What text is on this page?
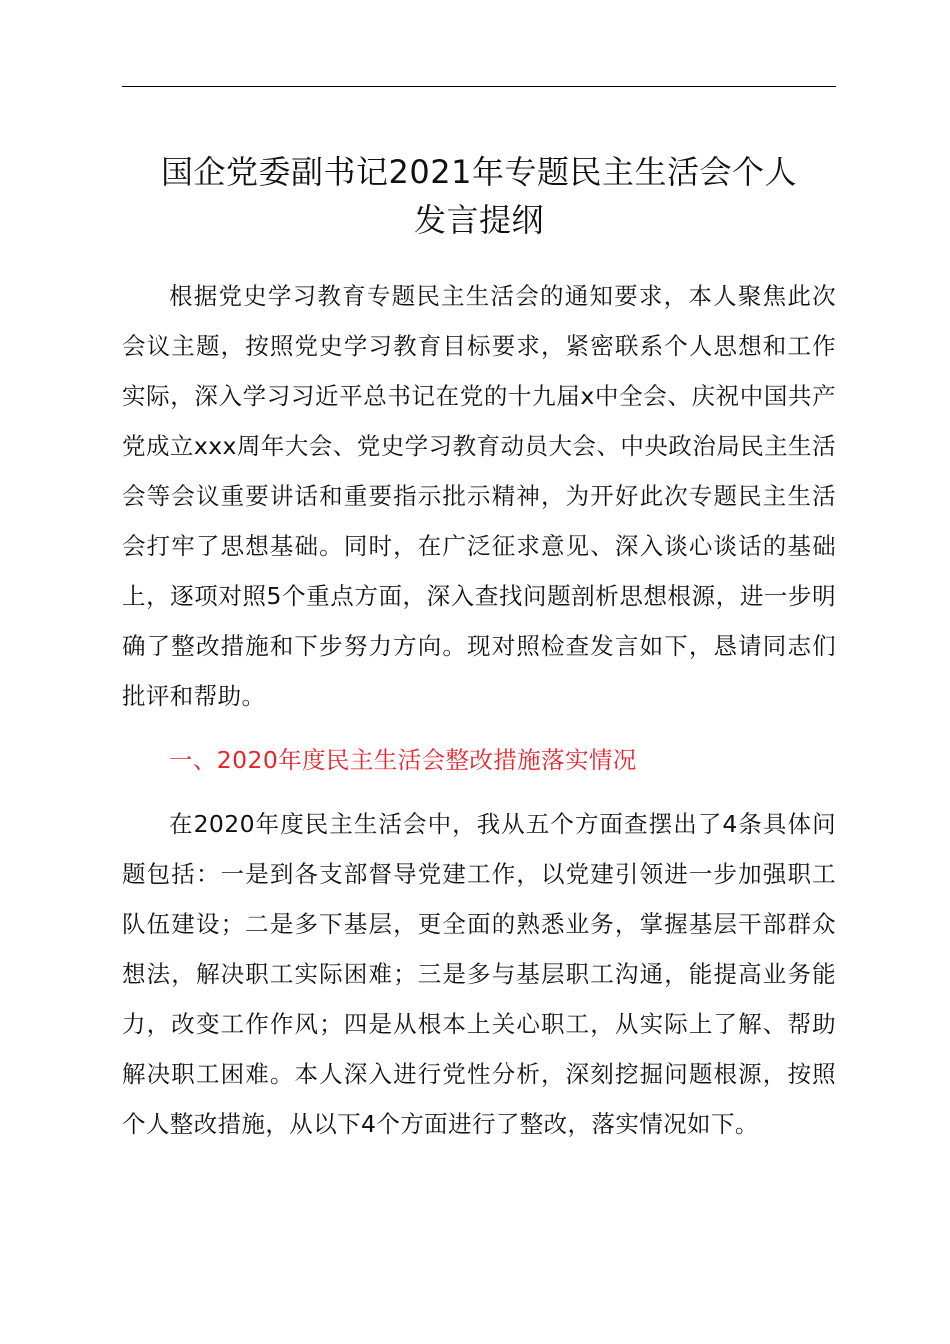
国企党委副书记2021年专题民主生活会个人
发言提纲

根据党史学习教育专题民主生活会的通知要求，本人聚焦此次会议主题，按照党史学习教育目标要求，紧密联系个人思想和工作实际，深入学习习近平总书记在党的十九届x中全会、庆祝中国共产党成立xxx周年大会、党史学习教育动员大会、中央政治局民主生活会等会议重要讲话和重要指示批示精神，为开好此次专题民主生活会打牢了思想基础。同时，在广泛征求意见、深入谈心谈话的基础上，逐项对照5个重点方面，深入查找问题剖析思想根源，进一步明确了整改措施和下步努力方向。现对照检查发言如下，恳请同志们批评和帮助。

一、2020年度民主生活会整改措施落实情况

在2020年度民主生活会中，我从五个方面查摆出了4条具体问题包括：一是到各支部督导党建工作，以党建引领进一步加强职工队伍建设；二是多下基层，更全面的熟悉业务，掌握基层干部群众想法，解决职工实际困难；三是多与基层职工沟通，能提高业务能力，改变工作作风；四是从根本上关心职工，从实际上了解、帮助解决职工困难。本人深入进行党性分析，深刻挖掘问题根源，按照个人整改措施，从以下4个方面进行了整改，落实情况如下。
